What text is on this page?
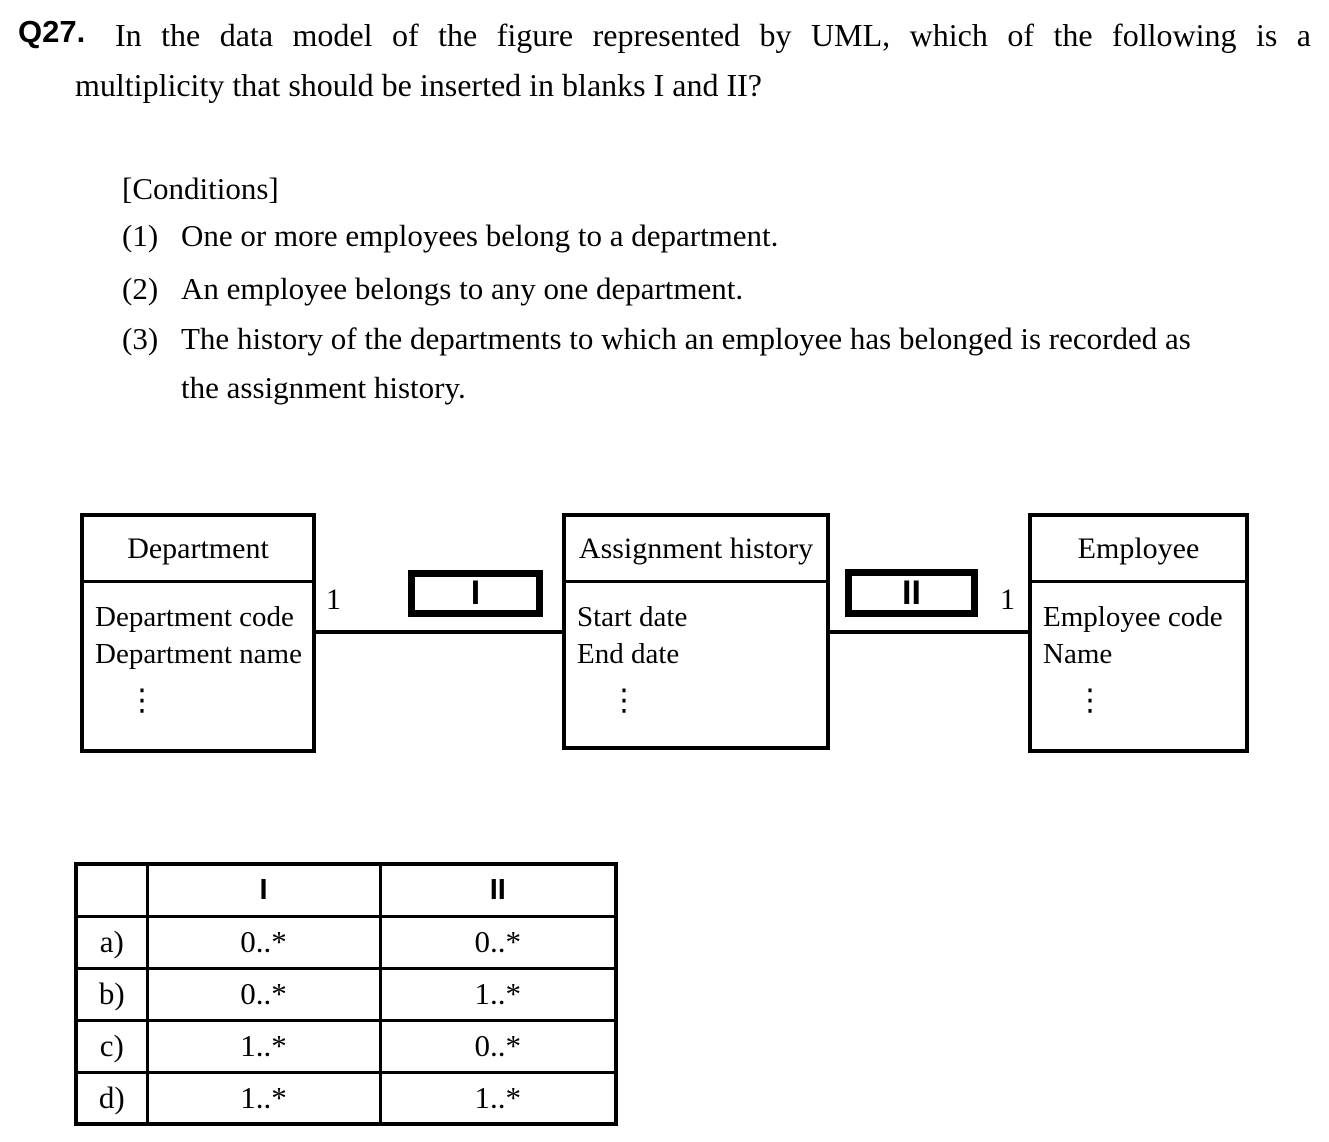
Q27. In the data model of the figure represented by UML, which of the following is a
multiplicity that should be inserted in blanks I and II?
[Conditions]
(1) One or more employees belong to a department.
(2) An employee belongs to any one department.
(3) The history of the departments to which an employee has belonged is recorded as
the assignment history.
Department
Department code
Department name
⋮
1	I
Assignment history
Start date
End date
⋮
II	1
Employee
Employee code
Name
⋮
	I	II
a)	0..*	0..*
b)	0..*	1..*
c)	1..*	0..*
d)	1..*	1..*
